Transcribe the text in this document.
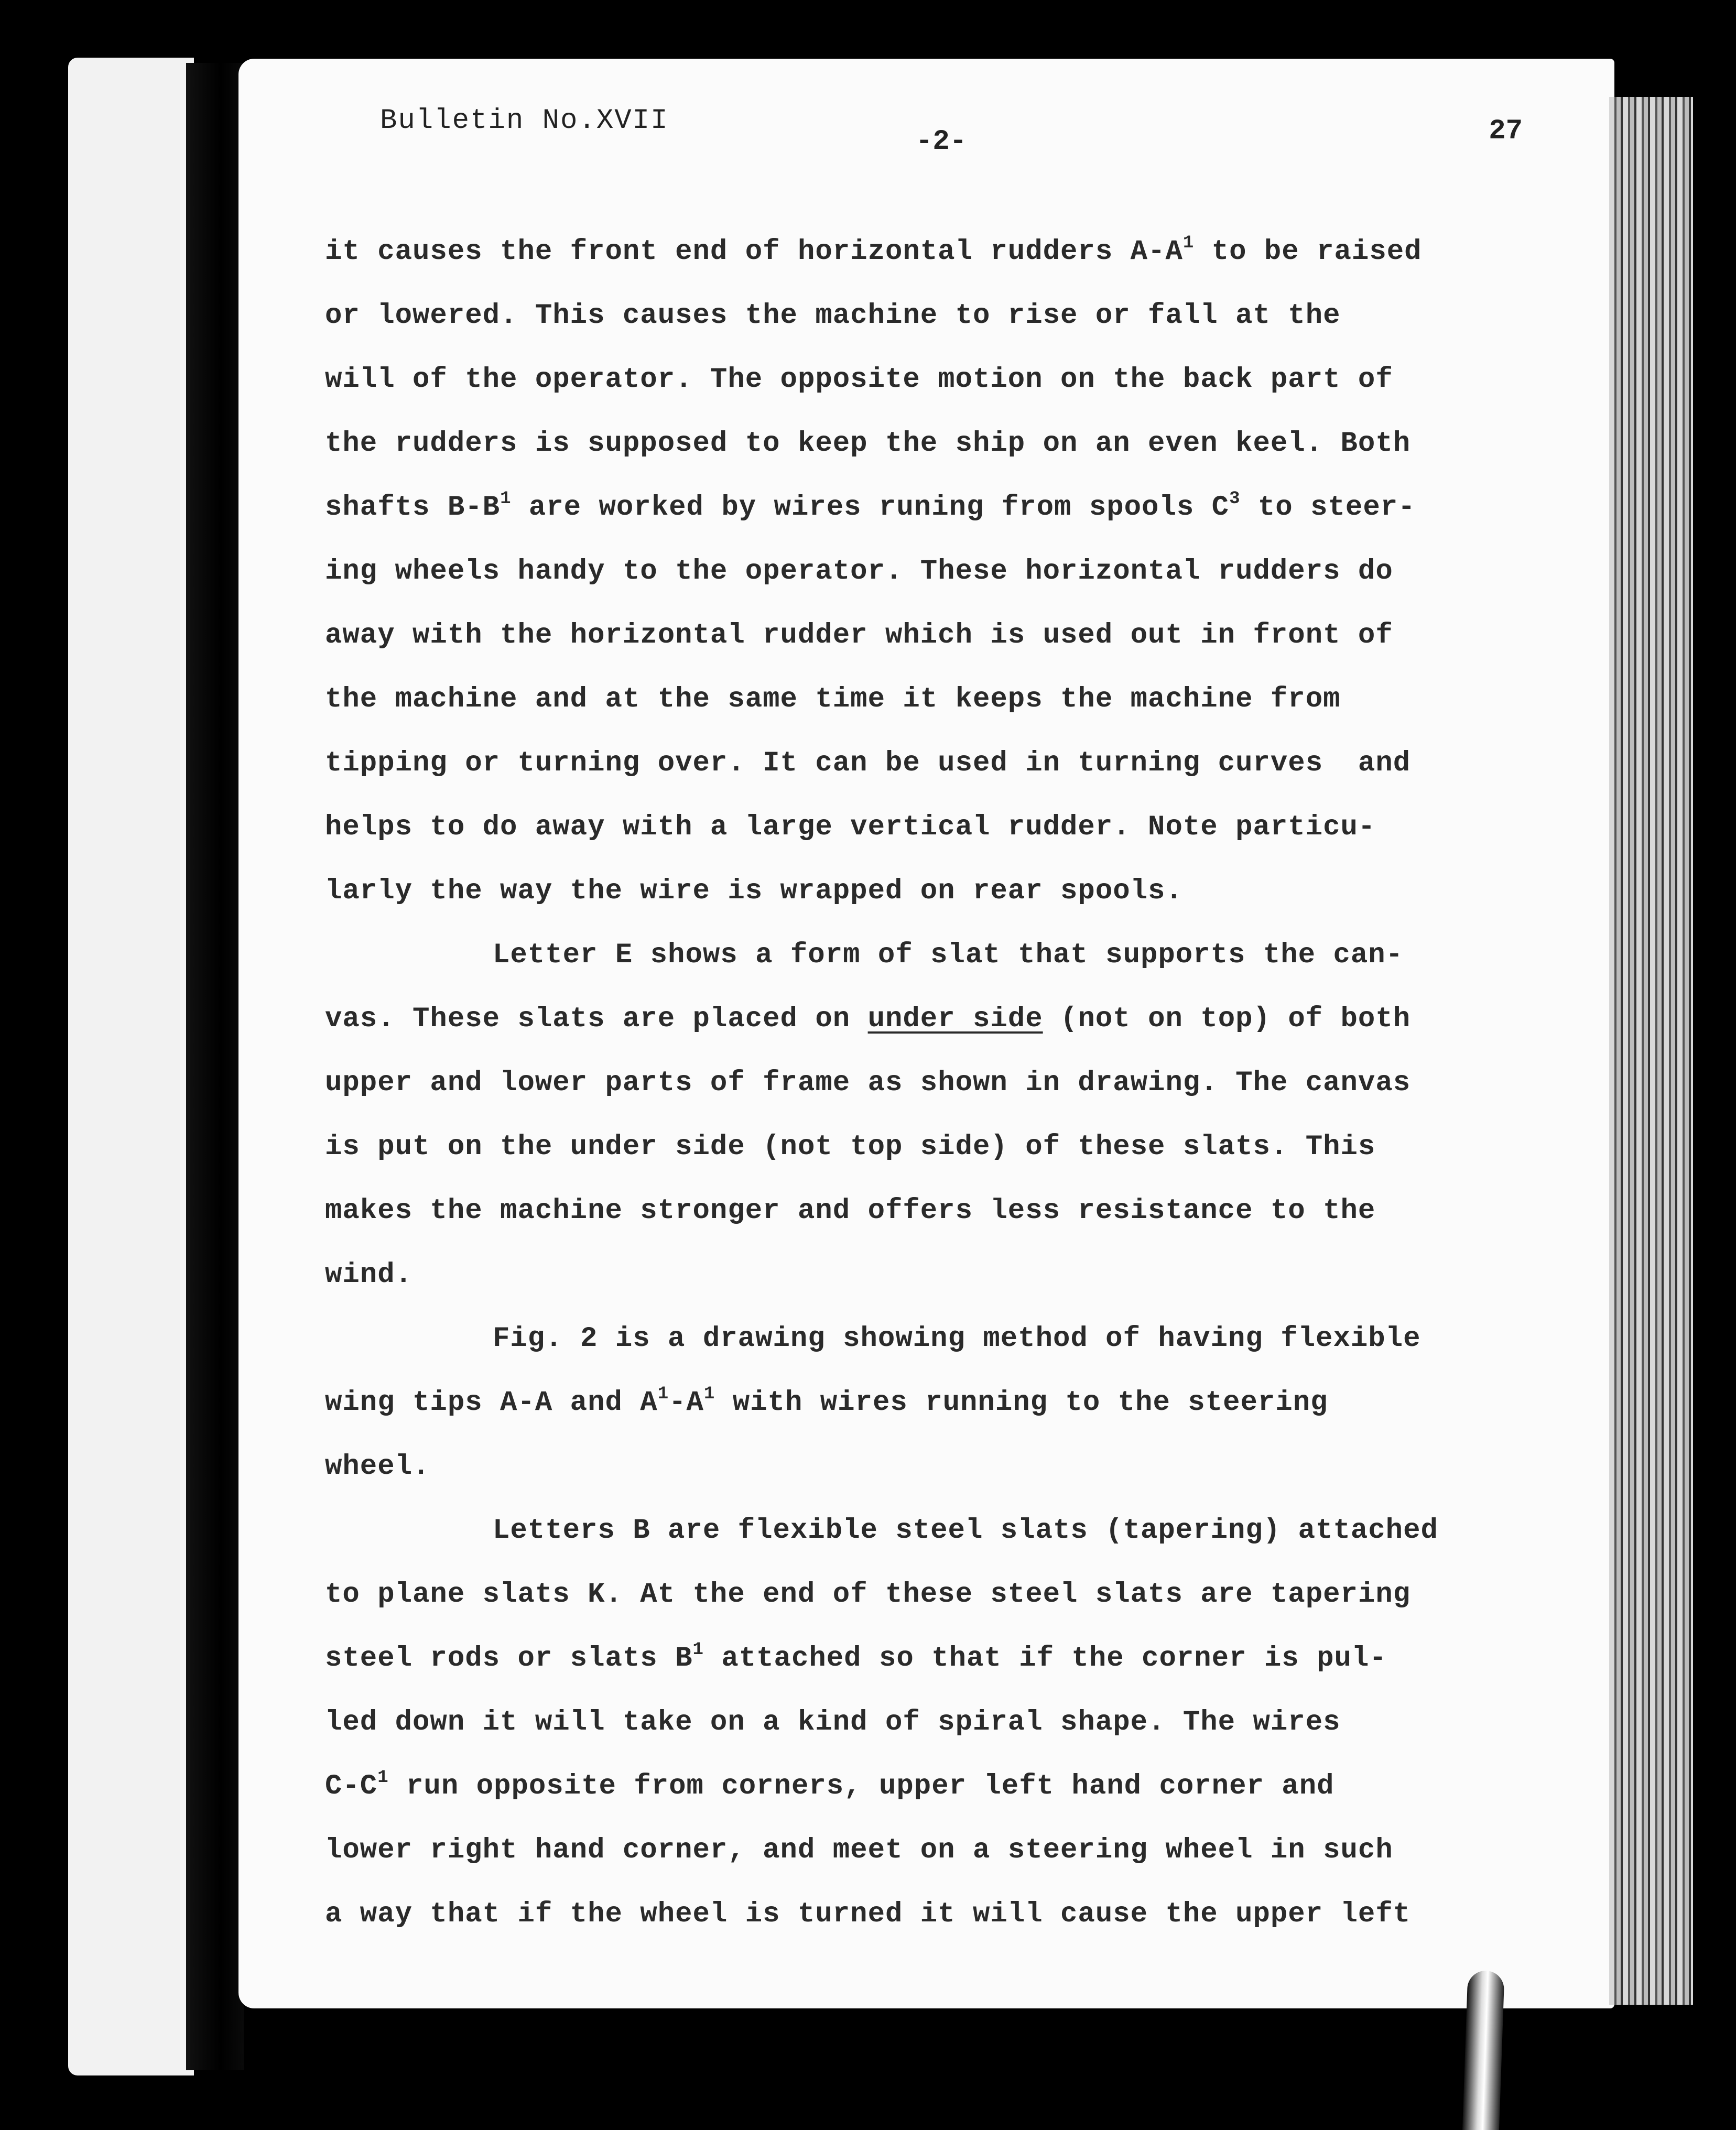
Bulletin No.XVII
-2-	27
it causes the front end of horizontal rudders $A-A^1$ to be raised
or lowered. This causes the machine to rise or fall at the
will of the operator. The opposite motion on the back part of
the rudders is supposed to keep the ship on an even keel. Both
shafts $B-B^1$ are worked by wires runing from spools $C^3$ to steer-
ing wheels handy to the operator. These horizontal rudders do
away with the horizontal rudder which is used out in front of
the machine and at the same time it keeps the machine from
tipping or turning over. It can be used in turning curves  and
helps to do away with a large vertical rudder. Note particu-
larly the way the wire is wrapped on rear spools.
Letter E shows a form of slat that supports the can-
vas. These slats are placed on under side (not on top) of both
upper and lower parts of frame as shown in drawing. The canvas
is put on the under side (not top side) of these slats. This
makes the machine stronger and offers less resistance to the
wind.
Fig. 2 is a drawing showing method of having flexible
wing tips A-A and $A^1-A^1$ with wires running to the steering
wheel.
Letters B are flexible steel slats (tapering) attached
to plane slats K. At the end of these steel slats are tapering
steel rods or slats $B^1$ attached so that if the corner is pul-
led down it will take on a kind of spiral shape. The wires
$C-C^1$ run opposite from corners, upper left hand corner and
lower right hand corner, and meet on a steering wheel in such
a way that if the wheel is turned it will cause the upper left
